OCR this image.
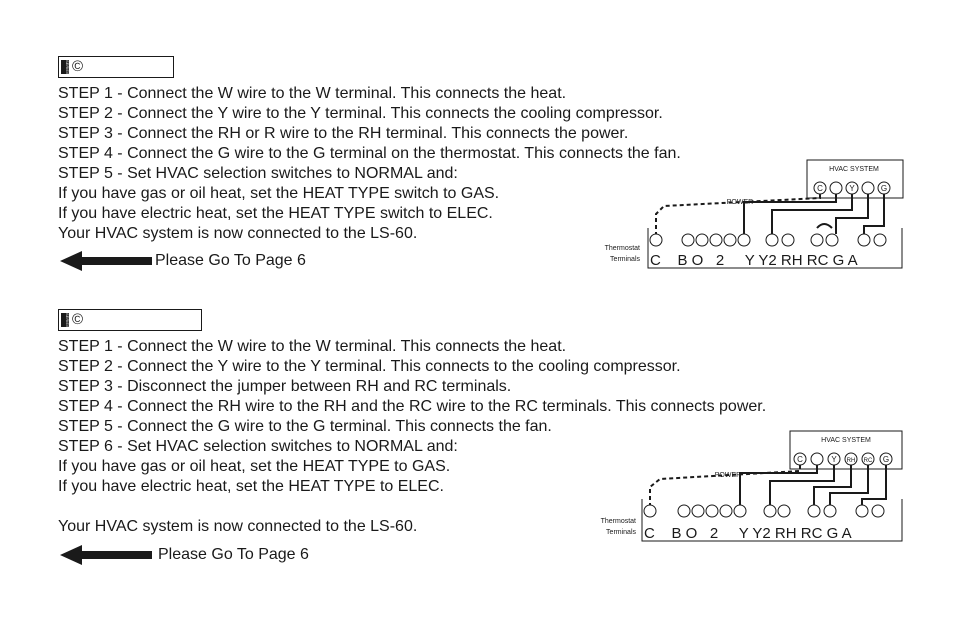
SERIES ©
STEP 1 - Connect the W wire to the W terminal. This connects the heat.
STEP 2 - Connect the Y wire to the Y terminal. This connects the cooling compressor.
STEP 3 - Connect the RH or R wire to the RH terminal. This connects the power.
STEP 4 - Connect the G wire to the G terminal on the thermostat. This connects the fan.
STEP 5 - Set HVAC selection switches to NORMAL and:
If you have gas or oil heat, set the HEAT TYPE switch to GAS.
If you have electric heat, set the HEAT TYPE switch to ELEC.
Your HVAC system is now connected to the LS-60.
Please Go To Page 6
HVAC SYSTEM
C	Y	G
POWER
Thermostat
Terminals C    B O   2     Y Y2 RH RC G A
SERIES ©
STEP 1 - Connect the W wire to the W terminal. This connects the heat.
STEP 2 - Connect the Y wire to the Y terminal. This connects to the cooling compressor.
STEP 3 - Disconnect the jumper between RH and RC terminals.
STEP 4 - Connect the RH wire to the RH and the RC wire to the RC terminals. This connects power.
STEP 5 - Connect the G wire to the G terminal. This connects the fan.
STEP 6 - Set HVAC selection switches to NORMAL and:
If you have gas or oil heat, set the HEAT TYPE to GAS.
If you have electric heat, set the HEAT TYPE to ELEC.
Your HVAC system is now connected to the LS-60.
Please Go To Page 6
HVAC SYSTEM
C	Y RH RC G
POWER
Thermostat
Terminals C    B O   2     Y Y2 RH RC G A
